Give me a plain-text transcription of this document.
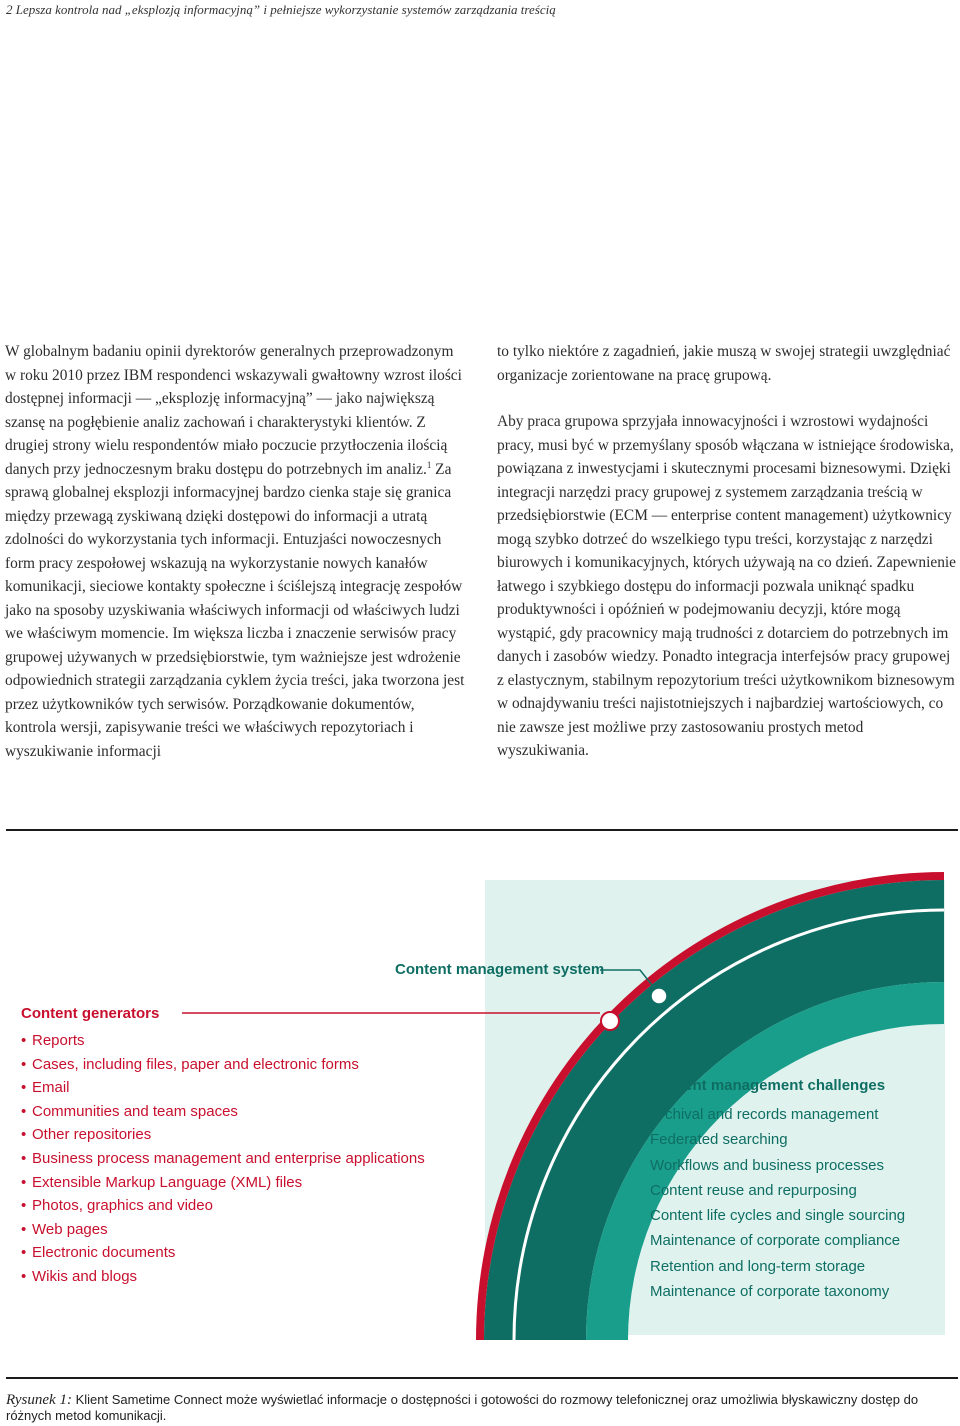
2 Lepsza kontrola nad „eksplozją informacyjną” i pełniejsze wykorzystanie systemów zarządzania treścią

W globalnym badaniu opinii dyrektorów generalnych przeprowadzonym w roku 2010 przez IBM respondenci wskazywali gwałtowny wzrost ilości dostępnej informacji — „eksplozję informacyjną” — jako największą szansę na pogłębienie analiz zachowań i charakterystyki klientów. Z drugiej strony wielu respondentów miało poczucie przytłoczenia ilością danych przy jednoczesnym braku dostępu do potrzebnych im analiz.$^1$ Za sprawą globalnej eksplozji informacyjnej bardzo cienka staje się granica między przewagą zyskiwaną dzięki dostępowi do informacji a utratą zdolności do wykorzystania tych informacji. Entuzjaści nowoczesnych form pracy zespołowej wskazują na wykorzystanie nowych kanałów komunikacji, sieciowe kontakty społeczne i ściślejszą integrację zespołów jako na sposoby uzyskiwania właściwych informacji od właściwych ludzi we właściwym momencie. Im większa liczba i znaczenie serwisów pracy grupowej używanych w przedsiębiorstwie, tym ważniejsze jest wdrożenie odpowiednich strategii zarządzania cyklem życia treści, jaka tworzona jest przez użytkowników tych serwisów. Porządkowanie dokumentów, kontrola wersji, zapisywanie treści we właściwych repozytoriach i wyszukiwanie informacji

to tylko niektóre z zagadnień, jakie muszą w swojej strategii uwzględniać organizacje zorientowane na pracę grupową.

Aby praca grupowa sprzyjała innowacyjności i wzrostowi wydajności pracy, musi być w przemyślany sposób włączana w istniejące środowiska, powiązana z inwestycjami i skutecznymi procesami biznesowymi. Dzięki integracji narzędzi pracy grupowej z systemem zarządzania treścią w przedsiębiorstwie (ECM — enterprise content management) użytkownicy mogą szybko dotrzeć do wszelkiego typu treści, korzystając z narzędzi biurowych i komunikacyjnych, których używają na co dzień. Zapewnienie łatwego i szybkiego dostępu do informacji pozwala uniknąć spadku produktywności i opóźnień w podejmowaniu decyzji, które mogą wystąpić, gdy pracownicy mają trudności z dotarciem do potrzebnych im danych i zasobów wiedzy. Ponadto integracja interfejsów pracy grupowej z elastycznym, stabilnym repozytorium treści użytkownikom biznesowym w odnajdywaniu treści najistotniejszych i najbardziej wartościowych, co nie zawsze jest możliwe przy zastosowaniu prostych metod wyszukiwania.

Content management system
Content generators
• Reports
• Cases, including files, paper and electronic forms
• Email
• Communities and team spaces
• Other repositories
• Business process management and enterprise applications
• Extensible Markup Language (XML) files
• Photos, graphics and video
• Web pages
• Electronic documents
• Wikis and blogs
Content management challenges
Archival and records management
Federated searching
Workflows and business processes
Content reuse and repurposing
Content life cycles and single sourcing
Maintenance of corporate compliance
Retention and long-term storage
Maintenance of corporate taxonomy
Rysunek 1: Klient Sametime Connect może wyświetlać informacje o dostępności i gotowości do rozmowy telefonicznej oraz umożliwia błyskawiczny dostęp do różnych metod komunikacji.
